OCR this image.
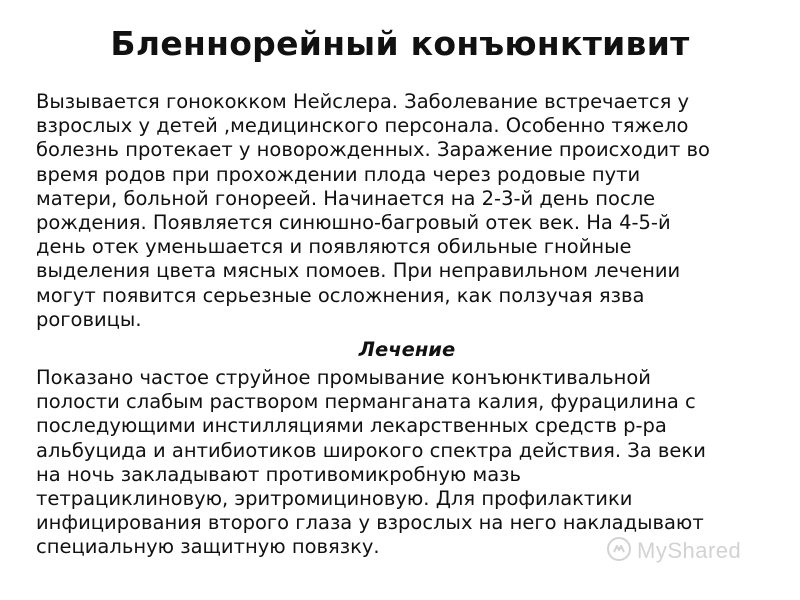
Бленнорейный конъюнктивит

Вызывается гонококком Нейслера. Заболевание встречается у
взрослых у детей ,медицинского персонала. Особенно тяжело
болезнь протекает у новорожденных. Заражение происходит во
время родов при прохождении плода через родовые пути
матери, больной гонореей. Начинается на 2-3-й день после
рождения. Появляется синюшно-багровый отек век. На 4-5-й
день отек уменьшается и появляются обильные гнойные
выделения цвета мясных помоев. При неправильном лечении
могут появится серьезные осложнения, как ползучая язва
роговицы.

Лечение

Показано частое струйное промывание конъюнктивальной
полости слабым раствором перманганата калия, фурацилина с
последующими инстилляциями лекарственных средств р-ра
альбуцида и антибиотиков широкого спектра действия. За веки
на ночь закладывают противомикробную мазь
тетрациклиновую, эритромициновую. Для профилактики
инфицирования второго глаза у взрослых на него накладывают
специальную защитную повязку.	MyShared
